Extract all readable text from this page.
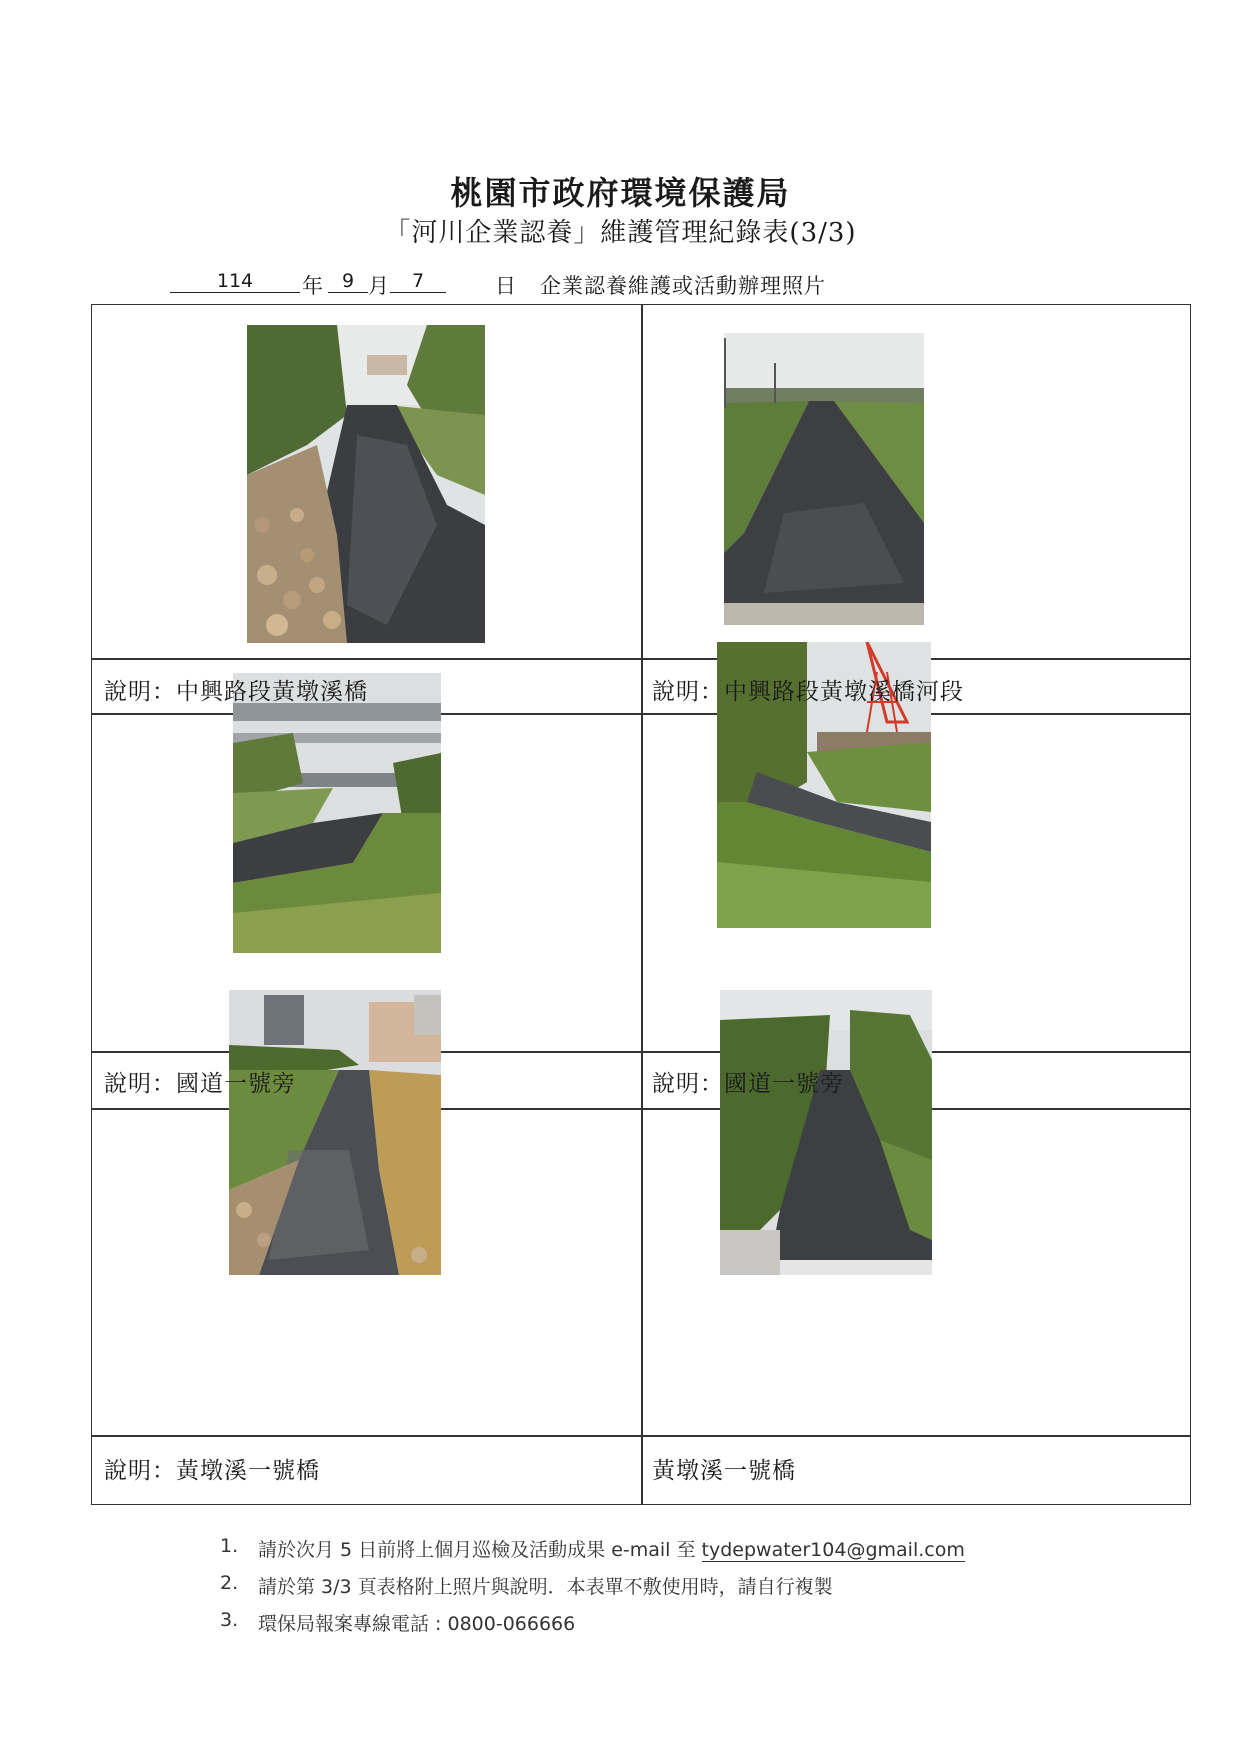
桃園市政府環境保護局
「河川企業認養」維護管理紀錄表(3/3)
114	年 9 月	7	日 企業認養維護或活動辦理照片
說明：中興路段黃墩溪橋	說明：中興路段黃墩溪橋河段
說明：國道一號旁	說明：國道一號旁
說明：黃墩溪一號橋	黃墩溪一號橋
1. 請於次月 5 日前將上個月巡檢及活動成果 e-mail 至 tydepwater104@gmail.com
2. 請於第 3/3 頁表格附上照片與說明．本表單不敷使用時，請自行複製
3. 環保局報案專線電話 : 0800-066666
